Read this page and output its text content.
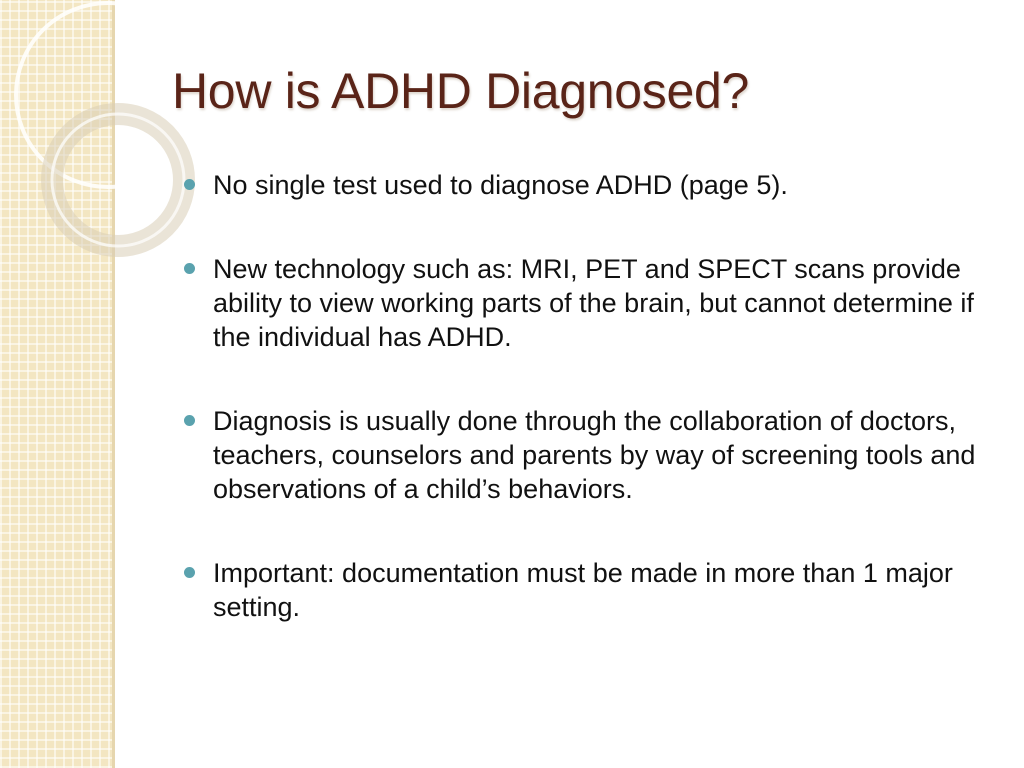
How is ADHD Diagnosed?
No single test used to diagnose ADHD (page 5).
New technology such as: MRI, PET and SPECT scans provide ability to view working parts of the brain, but cannot determine if the individual has ADHD.
Diagnosis is usually done through the collaboration of doctors, teachers, counselors and parents by way of screening tools and observations of a child’s behaviors.
Important: documentation must be made in more than 1 major setting.
